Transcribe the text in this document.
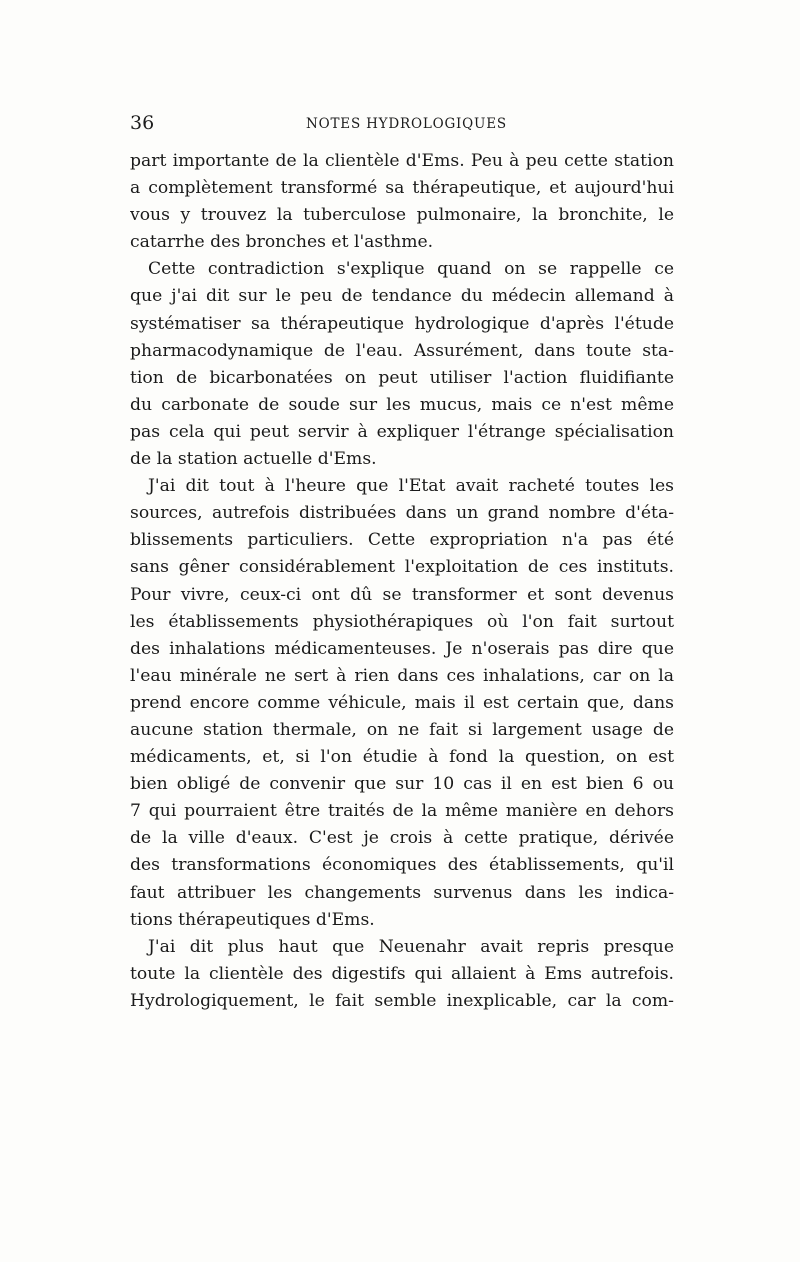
36	NOTES HYDROLOGIQUES
part importante de la clientèle d'Ems. Peu à peu cette station
a complètement transformé sa thérapeutique, et aujourd'hui
vous y trouvez la tuberculose pulmonaire, la bronchite, le
catarrhe des bronches et l'asthme.
Cette contradiction s'explique quand on se rappelle ce
que j'ai dit sur le peu de tendance du médecin allemand à
systématiser sa thérapeutique hydrologique d'après l'étude
pharmacodynamique de l'eau. Assurément, dans toute sta-
tion de bicarbonatées on peut utiliser l'action fluidifiante
du carbonate de soude sur les mucus, mais ce n'est même
pas cela qui peut servir à expliquer l'étrange spécialisation
de la station actuelle d'Ems.
J'ai dit tout à l'heure que l'Etat avait racheté toutes les
sources, autrefois distribuées dans un grand nombre d'éta-
blissements particuliers. Cette expropriation n'a pas été
sans gêner considérablement l'exploitation de ces instituts.
Pour vivre, ceux-ci ont dû se transformer et sont devenus
les établissements physiothérapiques où l'on fait surtout
des inhalations médicamenteuses. Je n'oserais pas dire que
l'eau minérale ne sert à rien dans ces inhalations, car on la
prend encore comme véhicule, mais il est certain que, dans
aucune station thermale, on ne fait si largement usage de
médicaments, et, si l'on étudie à fond la question, on est
bien obligé de convenir que sur 10 cas il en est bien 6 ou
7 qui pourraient être traités de la même manière en dehors
de la ville d'eaux. C'est je crois à cette pratique, dérivée
des transformations économiques des établissements, qu'il
faut attribuer les changements survenus dans les indica-
tions thérapeutiques d'Ems.
J'ai dit plus haut que Neuenahr avait repris presque
toute la clientèle des digestifs qui allaient à Ems autrefois.
Hydrologiquement, le fait semble inexplicable, car la com-
